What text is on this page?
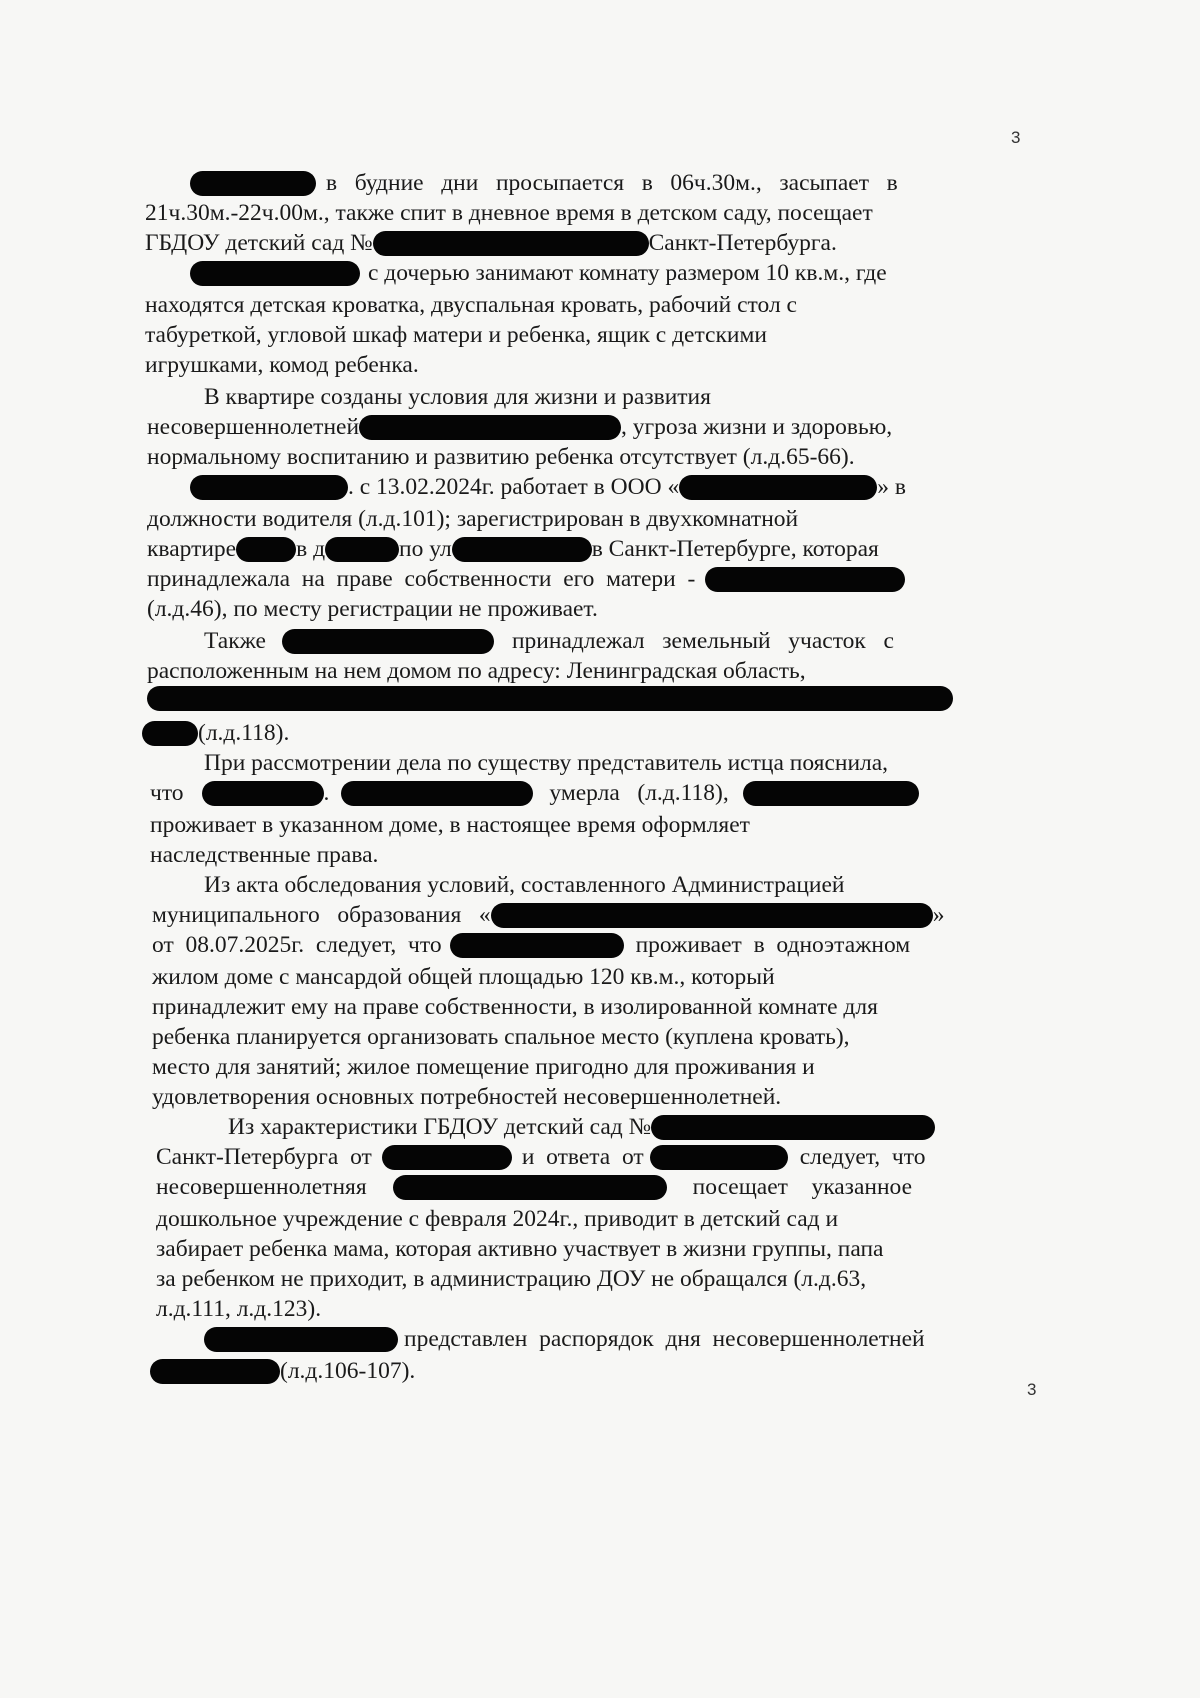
3
в   будние   дни   просыпается   в   06ч.30м.,   засыпает   в
21ч.30м.-22ч.00м., также спит в дневное время в детском саду, посещает
ГБДОУ детский сад №	Санкт-Петербурга.
с дочерью занимают комнату размером 10 кв.м., где
находятся детская кроватка, двуспальная кровать, рабочий стол с
табуреткой, угловой шкаф матери и ребенка, ящик с детскими
игрушками, комод ребенка.
В квартире созданы условия для жизни и развития
несовершеннолетней	, угроза жизни и здоровью,
нормальному воспитанию и развитию ребенка отсутствует (л.д.65-66).
. с 13.02.2024г. работает в ООО «	» в
должности водителя (л.д.101); зарегистрирован в двухкомнатной
квартире	в д	по ул	в Санкт-Петербурге, которая
принадлежала  на  праве  собственности  его  матери  -
(л.д.46), по месту регистрации не проживает.
Также	принадлежал   земельный   участок   с
расположенным на нем домом по адресу: Ленинградская область,
(л.д.118).
При рассмотрении дела по существу представитель истца пояснила,
что	.	умерла   (л.д.118),
проживает в указанном доме, в настоящее время оформляет
наследственные права.
Из акта обследования условий, составленного Администрацией
муниципального   образования   «	»
от  08.07.2025г.  следует,  что	проживает  в  одноэтажном
жилом доме с мансардой общей площадью 120 кв.м., который
принадлежит ему на праве собственности, в изолированной комнате для
ребенка планируется организовать спальное место (куплена кровать),
место для занятий; жилое помещение пригодно для проживания и
удовлетворения основных потребностей несовершеннолетней.
Из характеристики ГБДОУ детский сад №
Санкт-Петербурга  от	и  ответа  от	следует,  что
несовершеннолетняя	посещает    указанное
дошкольное учреждение с февраля 2024г., приводит в детский сад и
забирает ребенка мама, которая активно участвует в жизни группы, папа
за ребенком не приходит, в администрацию ДОУ не обращался (л.д.63,
л.д.111, л.д.123).
представлен  распорядок  дня  несовершеннолетней
(л.д.106-107).
3
